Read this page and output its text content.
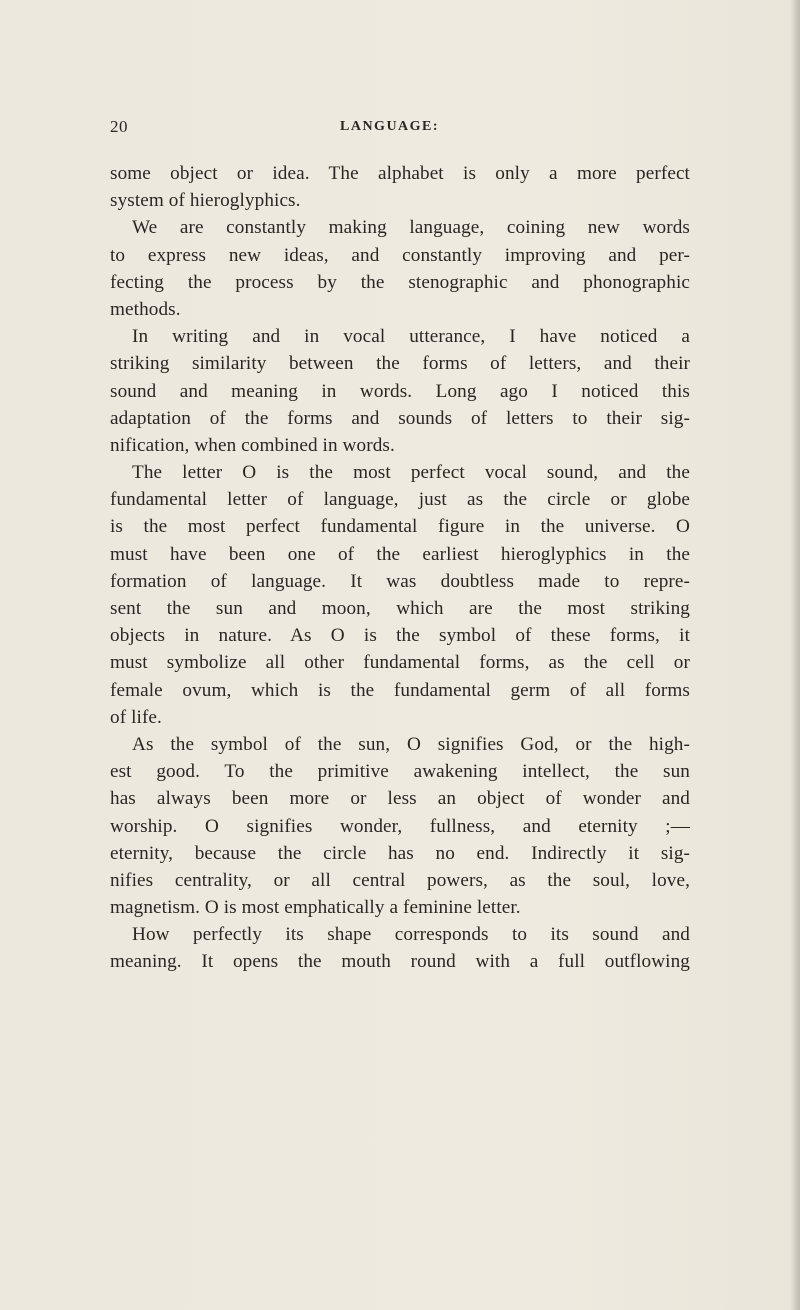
20	LANGUAGE:
some object or idea. The alphabet is only a more perfect
system of hieroglyphics.
We are constantly making language, coining new words
to express new ideas, and constantly improving and per-
fecting the process by the stenographic and phonographic
methods.
In writing and in vocal utterance, I have noticed a
striking similarity between the forms of letters, and their
sound and meaning in words. Long ago I noticed this
adaptation of the forms and sounds of letters to their sig-
nification, when combined in words.
The letter O is the most perfect vocal sound, and the
fundamental letter of language, just as the circle or globe
is the most perfect fundamental figure in the universe. O
must have been one of the earliest hieroglyphics in the
formation of language. It was doubtless made to repre-
sent the sun and moon, which are the most striking
objects in nature. As O is the symbol of these forms, it
must symbolize all other fundamental forms, as the cell or
female ovum, which is the fundamental germ of all forms
of life.
As the symbol of the sun, O signifies God, or the high-
est good. To the primitive awakening intellect, the sun
has always been more or less an object of wonder and
worship. O signifies wonder, fullness, and eternity ;—
eternity, because the circle has no end. Indirectly it sig-
nifies centrality, or all central powers, as the soul, love,
magnetism. O is most emphatically a feminine letter.
How perfectly its shape corresponds to its sound and
meaning. It opens the mouth round with a full outflowing
